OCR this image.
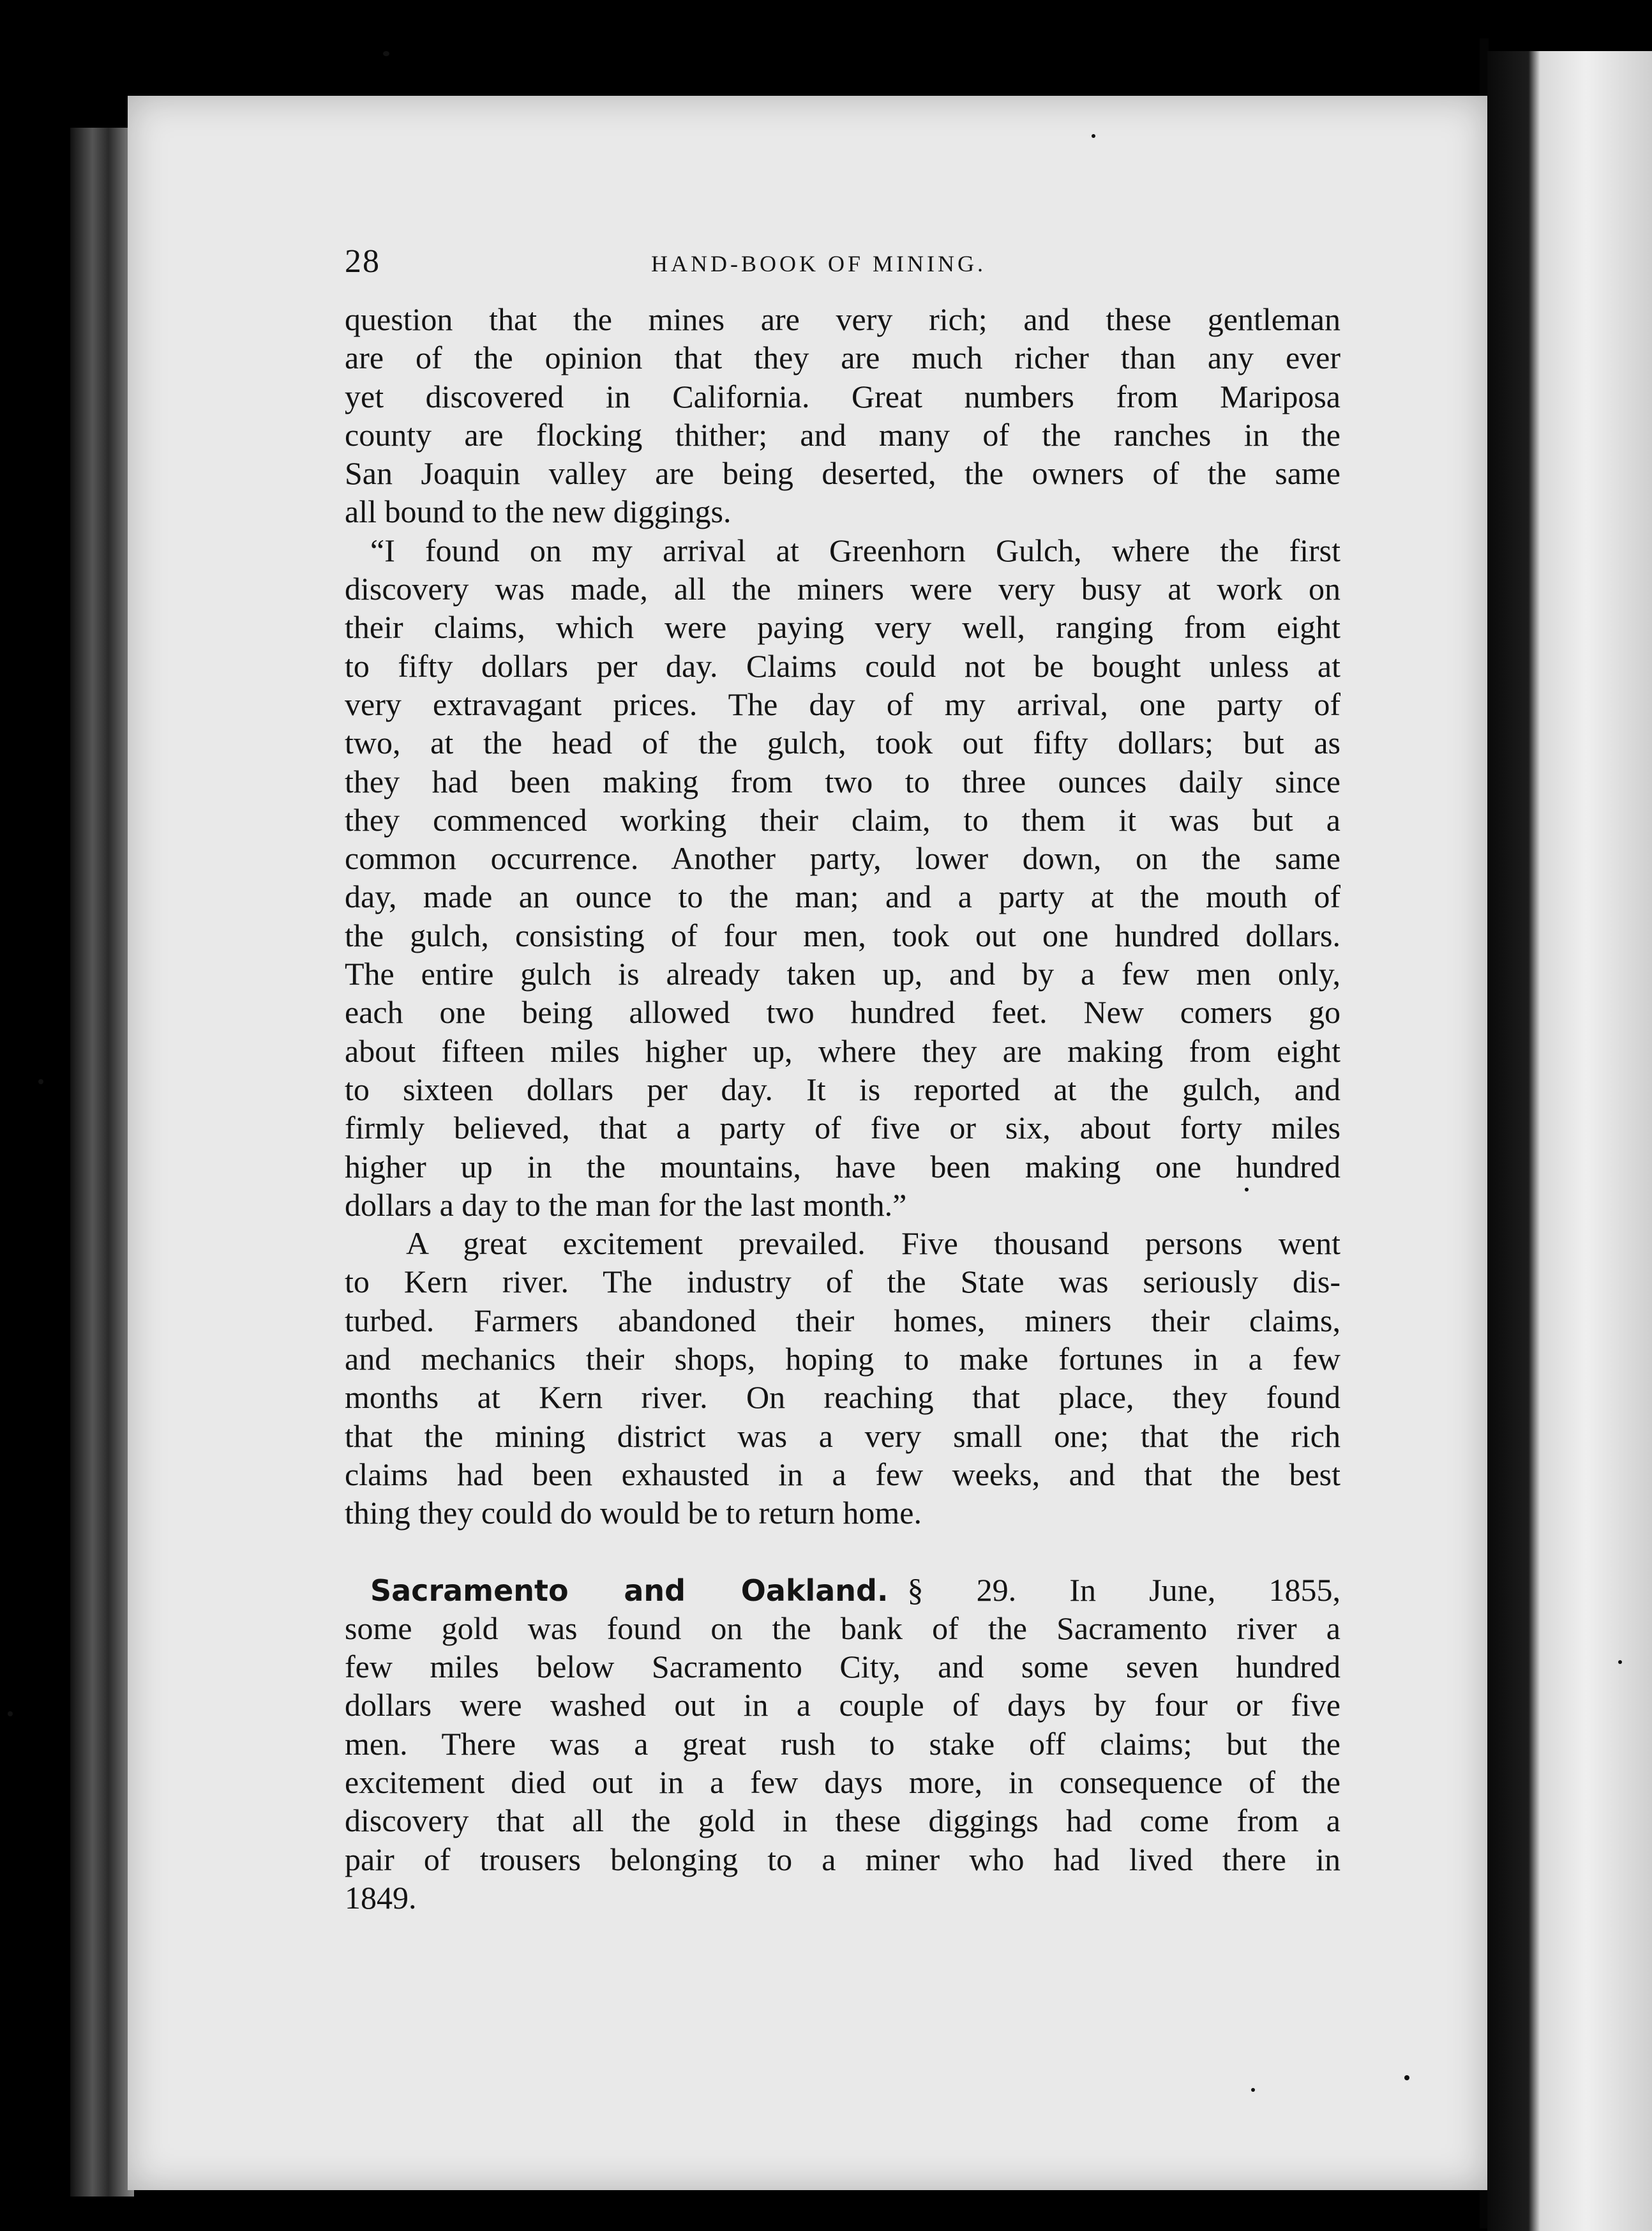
28	HAND-BOOK OF MINING.

question that the mines are very rich; and these gentleman
are of the opinion that they are much richer than any ever
yet discovered in California. Great numbers from Mariposa
county are flocking thither; and many of the ranches in the
San Joaquin valley are being deserted, the owners of the same
all bound to the new diggings.

“I found on my arrival at Greenhorn Gulch, where the first
discovery was made, all the miners were very busy at work on
their claims, which were paying very well, ranging from eight
to fifty dollars per day. Claims could not be bought unless at
very extravagant prices. The day of my arrival, one party of
two, at the head of the gulch, took out fifty dollars; but as
they had been making from two to three ounces daily since
they commenced working their claim, to them it was but a
common occurrence. Another party, lower down, on the same
day, made an ounce to the man; and a party at the mouth of
the gulch, consisting of four men, took out one hundred dollars.
The entire gulch is already taken up, and by a few men only,
each one being allowed two hundred feet. New comers go
about fifteen miles higher up, where they are making from eight
to sixteen dollars per day. It is reported at the gulch, and
firmly believed, that a party of five or six, about forty miles
higher up in the mountains, have been making one hundred
dollars a day to the man for the last month.”

A great excitement prevailed. Five thousand persons went
to Kern river. The industry of the State was seriously dis-
turbed. Farmers abandoned their homes, miners their claims,
and mechanics their shops, hoping to make fortunes in a few
months at Kern river. On reaching that place, they found
that the mining district was a very small one; that the rich
claims had been exhausted in a few weeks, and that the best
thing they could do would be to return home.

Sacramento and Oakland. § 29. In June, 1855,
some gold was found on the bank of the Sacramento river a
few miles below Sacramento City, and some seven hundred
dollars were washed out in a couple of days by four or five
men. There was a great rush to stake off claims; but the
excitement died out in a few days more, in consequence of the
discovery that all the gold in these diggings had come from a
pair of trousers belonging to a miner who had lived there in
1849.
